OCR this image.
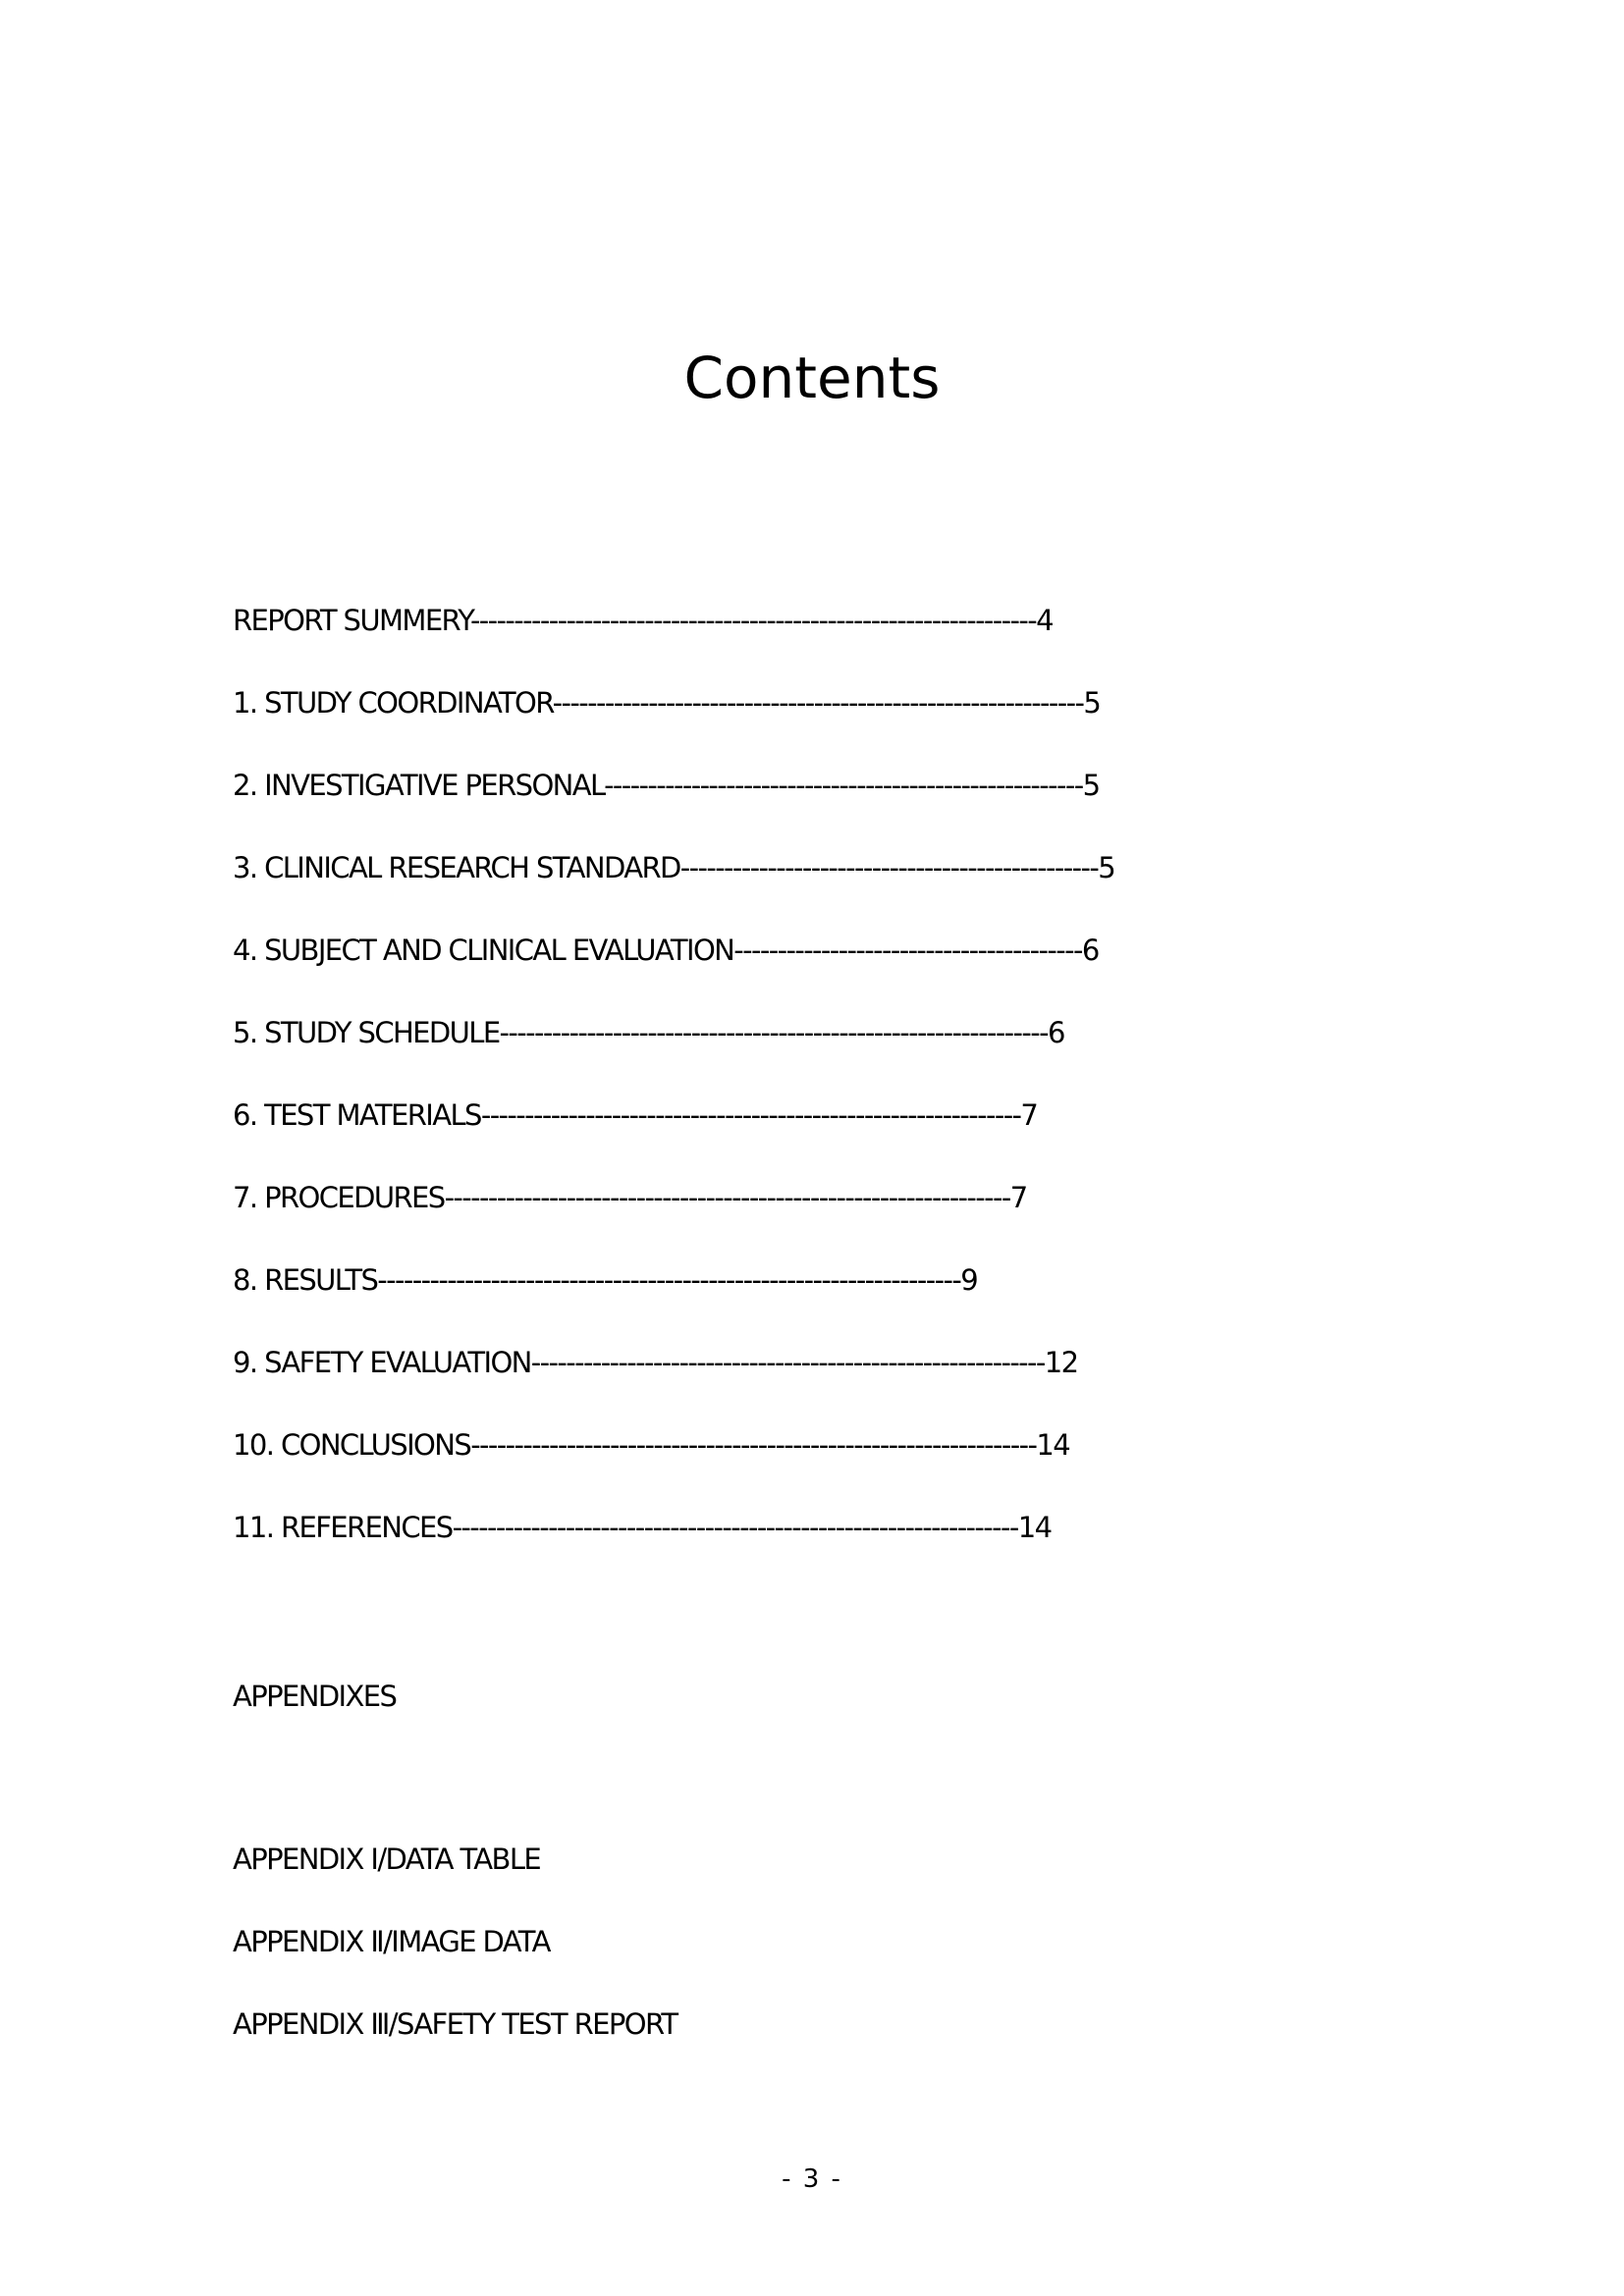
Contents
REPORT SUMMERY-----------------------------------------------------------------4
1. STUDY COORDINATOR-------------------------------------------------------------5
2. INVESTIGATIVE PERSONAL-------------------------------------------------------5
3. CLINICAL RESEARCH STANDARD------------------------------------------------5
4. SUBJECT AND CLINICAL EVALUATION----------------------------------------6
5. STUDY SCHEDULE---------------------------------------------------------------6
6. TEST MATERIALS--------------------------------------------------------------7
7. PROCEDURES-----------------------------------------------------------------7
8. RESULTS-------------------------------------------------------------------9
9. SAFETY EVALUATION-----------------------------------------------------------12
10. CONCLUSIONS-----------------------------------------------------------------14
11. REFERENCES-----------------------------------------------------------------14
APPENDIXES
APPENDIX Ⅰ/DATA TABLE
APPENDIX Ⅱ/IMAGE DATA
APPENDIX Ⅲ/SAFETY TEST REPORT
- 3 -
